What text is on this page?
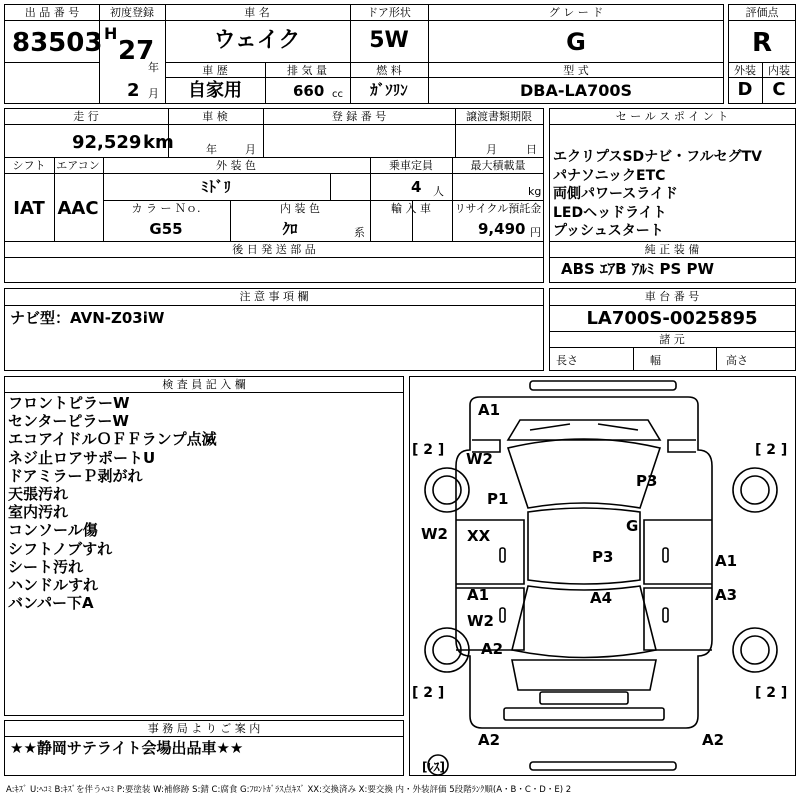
出 品 番 号
83503
初度登録
H
27
年
2 月
車 名
ウェイク
ドア形状
5W
グ レ ー ド
G
評価点
R
車 歴
自家用
排 気 量
660 cc
燃 料
ｶﾞｿﾘﾝ
型 式
DBA-LA700S
外装 内装
D C
走 行
92,529 km
車 検
年	月
登 録 番 号	譲渡書類期限
月	日
シフト エアコン
IAT AAC
外 装 色
ﾐﾄﾞﾘ
乗車定員
4 人
最大積載量
kg
カ ラ ー Ｎｏ.
G55
内 装 色
ｸﾛ	系
輸 入 車 リサイクル預託金
9,490 円
後 日 発 送 部 品
セ ー ル ス ポ イ ン ト
エクリプスSDナビ・フルセグTV
パナソニックETC
両側パワースライド
LEDヘッドライト
プッシュスタート
純 正 装 備
ABS ｴｱB ｱﾙﾐ PS PW
注 意 事 項 欄
ナビ型：AVN-Z03iW
車 台 番 号
LA700S-0025895
諸 元
長さ	幅	高さ
検 査 員 記 入 欄
フロントピラーW
センターピラーW
エコアイドルＯＦＦランプ点滅
ネジ止ロアサポートU
ドアミラーＰ剥がれ
天張汚れ
室内汚れ
コンソール傷
シフトノブすれ
シート汚れ
ハンドルすれ
バンパー下A
事 務 局 よ り ご 案 内
★★静岡サテライト会場出品車★★
A1
W2
P1
XX
W2
A1
W2
A2
P3
G
P3
A4
A1
A3
A2	A2
[ 2 ]	[ 2 ]
[ 2 ]	[ 2 ]
[ﾚｽ]
A:ｷｽﾞ U:ﾍｺﾐ B:ｷｽﾞを伴うﾍｺﾐ P:要塗装 W:補修跡 S:錆 C:腐食 G:ﾌﾛﾝﾄｶﾞﾗｽ点ｷｽﾞ XX:交換済み X:要交換 内・外装評価 5段階ﾗﾝｸ順(A・B・C・D・E) 2
